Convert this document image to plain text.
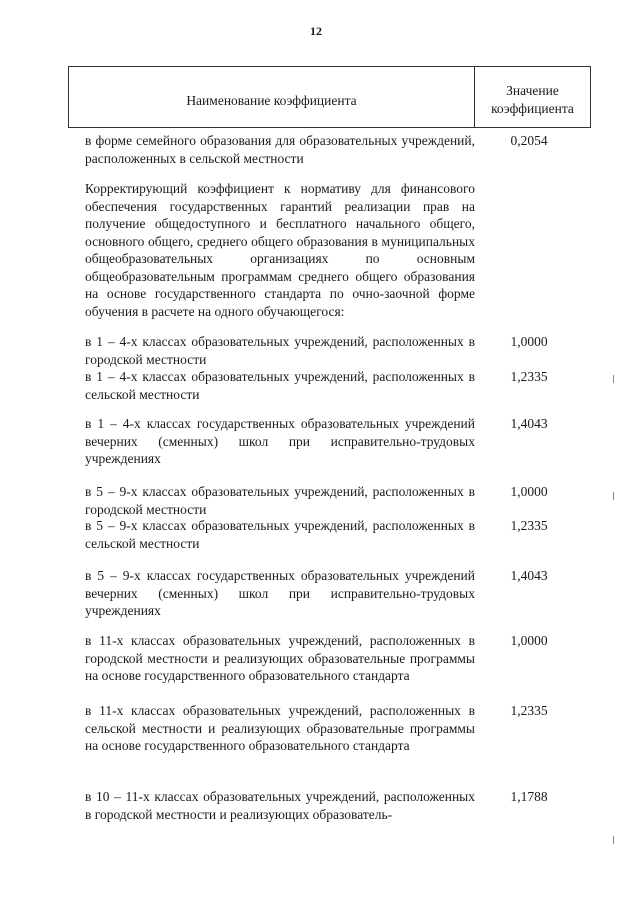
12
Наименование коэффициента
Значение
коэффициента
в форме семейного образования для образовательных учреждений, расположенных в сельской местности
0,2054
Корректирующий коэффициент к нормативу для финансового обеспечения государственных гарантий реализации прав на получение общедоступного и бесплатного начального общего, основного общего, среднего общего образования в муниципальных общеобразовательных организациях по основным общеобразовательным программам среднего общего образования на основе государственного стандарта по очно-заочной форме обучения в расчете на одного обучающегося:
в 1 – 4-х классах образовательных учреждений, расположенных в городской местности
1,0000
в 1 – 4-х классах образовательных учреждений, расположенных в сельской местности
1,2335
в 1 – 4-х классах государственных образовательных учреждений вечерних (сменных) школ при исправительно-трудовых учреждениях
1,4043
в 5 – 9-х классах образовательных учреждений, расположенных в городской местности
1,0000
в 5 – 9-х классах образовательных учреждений, расположенных в сельской местности
1,2335
в 5 – 9-х классах государственных образовательных учреждений вечерних (сменных) школ при исправительно-трудовых учреждениях
1,4043
в 11-х классах образовательных учреждений, расположенных в городской местности и реализующих образовательные программы на основе государственного образовательного стандарта
1,0000
в 11-х классах образовательных учреждений, расположенных в сельской местности и реализующих образовательные программы на основе государственного образовательного стандарта
1,2335
в 10 – 11-х классах образовательных учреждений, расположенных в городской местности и реализующих образователь-
1,1788
